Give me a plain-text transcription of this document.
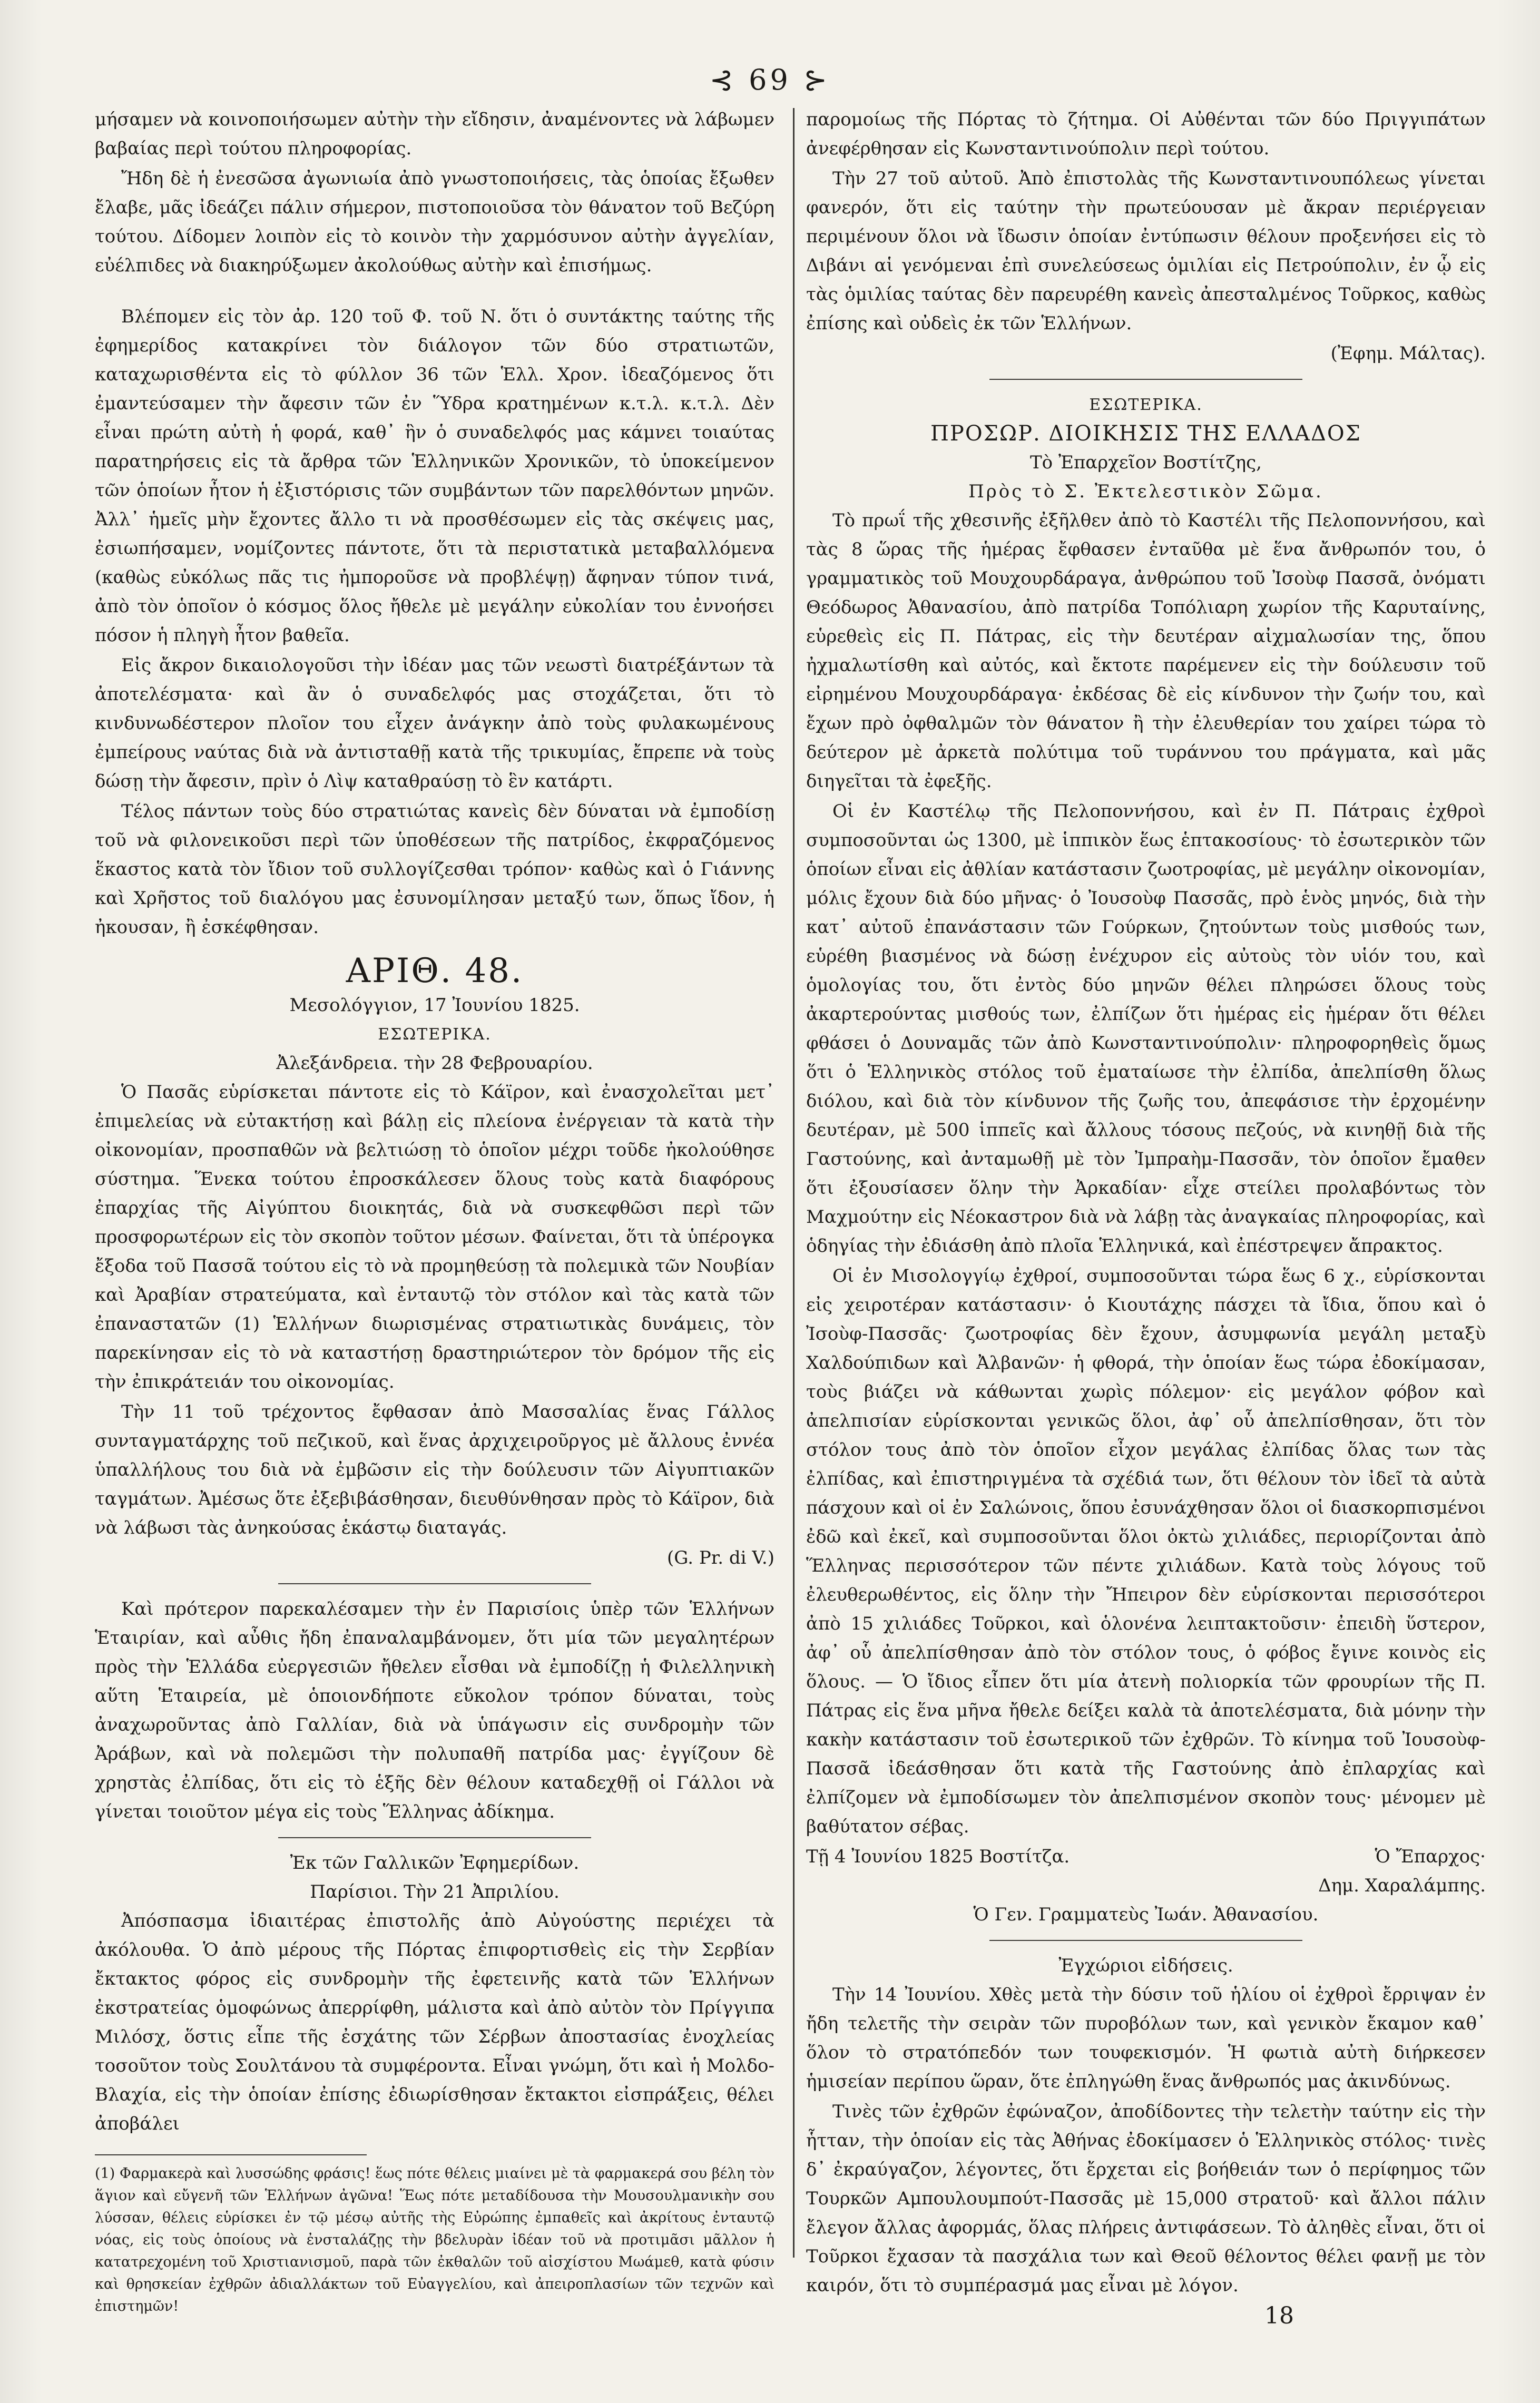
⊰ 69 ⊱

μήσαμεν νὰ κοινοποιήσωμεν αὐτὴν τὴν εἴδησιν, ἀναμένοντες νὰ λάβωμεν βαβαίας περὶ τούτου πληροφορίας.

Ἤδη δὲ ἡ ἐνεσῶσα ἀγωνιωία ἀπὸ γνωστοποιήσεις, τὰς ὁποίας ἔξωθεν ἔλαβε, μᾶς ἰδεάζει πάλιν σήμερον, πιστοποιοῦσα τὸν θάνατον τοῦ Βεζύρη τούτου. Δίδομεν λοιπὸν εἰς τὸ κοινὸν τὴν χαρμόσυνον αὐτὴν ἀγγελίαν, εὐέλπιδες νὰ διακηρύξωμεν ἀκολούθως αὐτὴν καὶ ἐπισήμως.

Βλέπομεν εἰς τὸν ἀρ. 120 τοῦ Φ. τοῦ Ν. ὅτι ὁ συντάκτης ταύτης τῆς ἐφημερίδος κατακρίνει τὸν διάλογον τῶν δύο στρατιωτῶν, καταχωρισθέντα εἰς τὸ φύλλον 36 τῶν Ἑλλ. Χρον. ἰδεαζόμενος ὅτι ἐμαντεύσαμεν τὴν ἄφεσιν τῶν ἐν Ὕδρα κρατημένων κ.τ.λ. κ.τ.λ. Δὲν εἶναι πρώτη αὐτὴ ἡ φορά, καθ᾽ ἣν ὁ συναδελφός μας κάμνει τοιαύτας παρατηρήσεις εἰς τὰ ἄρθρα τῶν Ἑλληνικῶν Χρονικῶν, τὸ ὑποκείμενον τῶν ὁποίων ἦτον ἡ ἐξιστόρισις τῶν συμβάντων τῶν παρελθόντων μηνῶν. Ἀλλ᾽ ἡμεῖς μὴν ἔχοντες ἄλλο τι νὰ προσθέσωμεν εἰς τὰς σκέψεις μας, ἐσιωπήσαμεν, νομίζοντες πάντοτε, ὅτι τὰ περιστατικὰ μεταβαλλόμενα (καθὼς εὐκόλως πᾶς τις ἠμποροῦσε νὰ προβλέψῃ) ἄφηναν τύπον τινά, ἀπὸ τὸν ὁποῖον ὁ κόσμος ὅλος ἤθελε μὲ μεγάλην εὐκολίαν του ἐννοήσει πόσον ἡ πληγὴ ἦτον βαθεῖα.

Εἰς ἄκρον δικαιολογοῦσι τὴν ἰδέαν μας τῶν νεωστὶ διατρέξάντων τὰ ἀποτελέσματα· καὶ ἂν ὁ συναδελφός μας στοχάζεται, ὅτι τὸ κινδυνωδέστερον πλοῖον του εἶχεν ἀνάγκην ἀπὸ τοὺς φυλακωμένους ἐμπείρους ναύτας διὰ νὰ ἀντισταθῇ κατὰ τῆς τρικυμίας, ἔπρεπε νὰ τοὺς δώσῃ τὴν ἄφεσιν, πρὶν ὁ Λὶψ καταθραύσῃ τὸ ἓν κατάρτι.

Τέλος πάντων τοὺς δύο στρατιώτας κανεὶς δὲν δύναται νὰ ἐμποδίσῃ τοῦ νὰ φιλονεικοῦσι περὶ τῶν ὑποθέσεων τῆς πατρίδος, ἐκφραζόμενος ἕκαστος κατὰ τὸν ἴδιον τοῦ συλλογίζεσθαι τρόπον· καθὼς καὶ ὁ Γιάννης καὶ Χρῆστος τοῦ διαλόγου μας ἐσυνομίλησαν μεταξύ των, ὅπως ἴδον, ἡ ἠκουσαν, ἢ ἐσκέφθησαν.

ΑΡΙΘ. 48.
Μεσολόγγιον, 17 Ἰουνίου 1825.
ΕΣΩΤΕΡΙΚΑ.
Ἀλεξάνδρεια. τὴν 28 Φεβρουαρίου.

Ὁ Πασᾶς εὑρίσκεται πάντοτε εἰς τὸ Κάϊρον, καὶ ἐνασχολεῖται μετ᾽ ἐπιμελείας νὰ εὐτακτήσῃ καὶ βάλῃ εἰς πλείονα ἐνέργειαν τὰ κατὰ τὴν οἰκονομίαν, προσπαθῶν νὰ βελτιώσῃ τὸ ὁποῖον μέχρι τοῦδε ἠκολούθησε σύστημα. Ἕνεκα τούτου ἐπροσκάλεσεν ὅλους τοὺς κατὰ διαφόρους ἐπαρχίας τῆς Αἰγύπτου διοικητάς, διὰ νὰ συσκεφθῶσι περὶ τῶν προσφορωτέρων εἰς τὸν σκοπὸν τοῦτον μέσων. Φαίνεται, ὅτι τὰ ὑπέρογκα ἔξοδα τοῦ Πασσᾶ τούτου εἰς τὸ νὰ προμηθεύσῃ τὰ πολεμικὰ τῶν Νουβίαν καὶ Ἀραβίαν στρατεύματα, καὶ ἐνταυτῷ τὸν στόλον καὶ τὰς κατὰ τῶν ἐπαναστατῶν (1) Ἑλλήνων διωρισμένας στρατιωτικὰς δυνάμεις, τὸν παρεκίνησαν εἰς τὸ νὰ καταστήσῃ δραστηριώτερον τὸν δρόμον τῆς εἰς τὴν ἐπικράτειάν του οἰκονομίας.

Τὴν 11 τοῦ τρέχοντος ἔφθασαν ἀπὸ Μασσαλίας ἕνας Γάλλος συνταγματάρχης τοῦ πεζικοῦ, καὶ ἕνας ἀρχιχειροῦργος μὲ ἄλλους ἐννέα ὑπαλλήλους του διὰ νὰ ἐμβῶσιν εἰς τὴν δούλευσιν τῶν Αἰγυπτιακῶν ταγμάτων. Ἀμέσως ὅτε ἐξεβιβάσθησαν, διευθύνθησαν πρὸς τὸ Κάϊρον, διὰ νὰ λάβωσι τὰς ἀνηκούσας ἑκάστῳ διαταγάς.

(G. Pr. di V.)

Καὶ πρότερον παρεκαλέσαμεν τὴν ἐν Παρισίοις ὑπὲρ τῶν Ἑλλήνων Ἑταιρίαν, καὶ αὖθις ἤδη ἐπαναλαμβάνομεν, ὅτι μία τῶν μεγαλητέρων πρὸς τὴν Ἑλλάδα εὐεργεσιῶν ἤθελεν εἶσθαι νὰ ἐμποδίζῃ ἡ Φιλελληνικὴ αὕτη Ἑταιρεία, μὲ ὁποιονδήποτε εὔκολον τρόπον δύναται, τοὺς ἀναχωροῦντας ἀπὸ Γαλλίαν, διὰ νὰ ὑπάγωσιν εἰς συνδρομὴν τῶν Ἀράβων, καὶ νὰ πολεμῶσι τὴν πολυπαθῆ πατρίδα μας· ἐγγίζουν δὲ χρηστὰς ἐλπίδας, ὅτι εἰς τὸ ἑξῆς δὲν θέλουν καταδεχθῇ οἱ Γάλλοι νὰ γίνεται τοιοῦτον μέγα εἰς τοὺς Ἕλληνας ἀδίκημα.

Ἐκ τῶν Γαλλικῶν Ἐφημερίδων.
Παρίσιοι. Τὴν 21 Ἀπριλίου.

Ἀπόσπασμα ἰδιαιτέρας ἐπιστολῆς ἀπὸ Αὐγούστης περιέχει τὰ ἀκόλουθα. Ὁ ἀπὸ μέρους τῆς Πόρτας ἐπιφορτισθεὶς εἰς τὴν Σερβίαν ἔκτακτος φόρος εἰς συνδρομὴν τῆς ἐφετεινῆς κατὰ τῶν Ἑλλήνων ἐκστρατείας ὁμοφώνως ἀπερρίφθη, μάλιστα καὶ ἀπὸ αὐτὸν τὸν Πρίγγιπα Μιλόσχ, ὅστις εἶπε τῆς ἐσχάτης τῶν Σέρβων ἀποστασίας ἐνοχλείας τοσοῦτον τοὺς Σουλτάνου τὰ συμφέροντα. Εἶναι γνώμη, ὅτι καὶ ἡ Μολδο-Βλαχία, εἰς τὴν ὁποίαν ἐπίσης ἐδιωρίσθησαν ἔκτακτοι εἰσπράξεις, θέλει ἀποβάλει

(1) Φαρμακερὰ καὶ λυσσώδης φράσις! ἕως πότε θέλεις μιαίνει μὲ τὰ φαρμακερά σου βέλη τὸν ἅγιον καὶ εὔγενῆ τῶν Ἑλλήνων ἀγῶνα! Ἕως πότε μεταδίδουσα τὴν Μουσουλμανικὴν σου λύσσαν, θέλεις εὑρίσκει ἐν τῷ μέσῳ αὐτῆς τὴς Εὐρώπης ἐμπαθεῖς καὶ ἀκρίτους ἐνταυτῷ νόας, εἰς τοὺς ὁποίους νὰ ἐνσταλάζῃς τὴν βδελυρὰν ἰδέαν τοῦ νὰ προτιμᾶσι μᾶλλον ἡ κατατρεχομένη τοῦ Χριστιανισμοῦ, παρὰ τῶν ἐκθαλῶν τοῦ αἰσχίστου Μωάμεθ, κατὰ φύσιν καὶ θρησκείαν ἐχθρῶν ἀδιαλλάκτων τοῦ Εὐαγγελίου, καὶ ἀπειροπλασίων τῶν τεχνῶν καὶ ἐπιστημῶν!

παρομοίως τῆς Πόρτας τὸ ζήτημα. Οἱ Αὐθένται τῶν δύο Πριγγιπάτων ἀνεφέρθησαν εἰς Κωνσταντινούπολιν περὶ τούτου.

Τὴν 27 τοῦ αὐτοῦ. Ἀπὸ ἐπιστολὰς τῆς Κωνσταντινουπόλεως γίνεται φανερόν, ὅτι εἰς ταύτην τὴν πρωτεύουσαν μὲ ἄκραν περιέργειαν περιμένουν ὅλοι νὰ ἴδωσιν ὁποίαν ἐντύπωσιν θέλουν προξενήσει εἰς τὸ Διβάνι αἱ γενόμεναι ἐπὶ συνελεύσεως ὁμιλίαι εἰς Πετρούπολιν, ἐν ᾧ εἰς τὰς ὁμιλίας ταύτας δὲν παρευρέθη κανεὶς ἀπεσταλμένος Τοῦρκος, καθὼς ἐπίσης καὶ οὐδεὶς ἐκ τῶν Ἑλλήνων.

(Ἐφημ. Μάλτας).
ΕΣΩΤΕΡΙΚΑ.
ΠΡΟΣΩΡ. ΔΙΟΙΚΗΣΙΣ ΤΗΣ ΕΛΛΑΔΟΣ
Τὸ Ἐπαρχεῖον Βοστίτζης,
Πρὸς τὸ Σ. Ἐκτελεστικὸν Σῶμα.

Τὸ πρωΐ τῆς χθεσινῆς ἐξῆλθεν ἀπὸ τὸ Καστέλι τῆς Πελοποννήσου, καὶ τὰς 8 ὥρας τῆς ἡμέρας ἔφθασεν ἐνταῦθα μὲ ἕνα ἄνθρωπόν του, ὁ γραμματικὸς τοῦ Μουχουρδάραγα, ἀνθρώπου τοῦ Ἰσοὺφ Πασσᾶ, ὀνόματι Θεόδωρος Ἀθανασίου, ἀπὸ πατρίδα Τοπόλιαρη χωρίον τῆς Καρυταίνης, εὑρεθεὶς εἰς Π. Πάτρας, εἰς τὴν δευτέραν αἰχμαλωσίαν της, ὅπου ἠχμαλωτίσθη καὶ αὐτός, καὶ ἔκτοτε παρέμενεν εἰς τὴν δούλευσιν τοῦ εἰρημένου Μουχουρδάραγα· ἐκδέσας δὲ εἰς κίνδυνον τὴν ζωήν του, καὶ ἔχων πρὸ ὀφθαλμῶν τὸν θάνατον ἢ τὴν ἐλευθερίαν του χαίρει τώρα τὸ δεύτερον μὲ ἀρκετὰ πολύτιμα τοῦ τυράννου του πράγματα, καὶ μᾶς διηγεῖται τὰ ἐφεξῆς.

Οἱ ἐν Καστέλῳ τῆς Πελοποννήσου, καὶ ἐν Π. Πάτραις ἐχθροὶ συμποσοῦνται ὡς 1300, μὲ ἱππικὸν ἕως ἑπτακοσίους· τὸ ἐσωτερικὸν τῶν ὁποίων εἶναι εἰς ἀθλίαν κατάστασιν ζωοτροφίας, μὲ μεγάλην οἰκονομίαν, μόλις ἔχουν διὰ δύο μῆνας· ὁ Ἰουσοὺφ Πασσᾶς, πρὸ ἑνὸς μηνός, διὰ τὴν κατ᾽ αὐτοῦ ἐπανάστασιν τῶν Γούρκων, ζητούντων τοὺς μισθούς των, εὑρέθη βιασμένος νὰ δώσῃ ἐνέχυρον εἰς αὐτοὺς τὸν υἱόν του, καὶ ὁμολογίας του, ὅτι ἐντὸς δύο μηνῶν θέλει πληρώσει ὅλους τοὺς ἀκαρτερούντας μισθούς των, ἐλπίζων ὅτι ἡμέρας εἰς ἡμέραν ὅτι θέλει φθάσει ὁ Δουναμᾶς τῶν ἀπὸ Κωνσταντινούπολιν· πληροφορηθεὶς ὅμως ὅτι ὁ Ἑλληνικὸς στόλος τοῦ ἐματαίωσε τὴν ἐλπίδα, ἀπελπίσθη ὅλως διόλου, καὶ διὰ τὸν κίνδυνον τῆς ζωῆς του, ἀπεφάσισε τὴν ἐρχομένην δευτέραν, μὲ 500 ἱππεῖς καὶ ἄλλους τόσους πεζούς, νὰ κινηθῇ διὰ τῆς Γαστούνης, καὶ ἀνταμωθῇ μὲ τὸν Ἰμπραὴμ-Πασσᾶν, τὸν ὁποῖον ἔμαθεν ὅτι ἐξουσίασεν ὅλην τὴν Ἀρκαδίαν· εἶχε στείλει προλαβόντως τὸν Μαχμούτην εἰς Νέοκαστρον διὰ νὰ λάβῃ τὰς ἀναγκαίας πληροφορίας, καὶ ὁδηγίας τὴν ἐδιάσθη ἀπὸ πλοῖα Ἑλληνικά, καὶ ἐπέστρεψεν ἄπρακτος.

Οἱ ἐν Μισολογγίῳ ἐχθροί, συμποσοῦνται τώρα ἕως 6 χ., εὑρίσκονται εἰς χειροτέραν κατάστασιν· ὁ Κιουτάχης πάσχει τὰ ἴδια, ὅπου καὶ ὁ Ἰσοὺφ-Πασσᾶς· ζωοτροφίας δὲν ἔχουν, ἀσυμφωνία μεγάλη μεταξὺ Χαλδούπιδων καὶ Ἀλβανῶν· ἡ φθορά, τὴν ὁποίαν ἕως τώρα ἐδοκίμασαν, τοὺς βιάζει νὰ κάθωνται χωρὶς πόλεμον· εἰς μεγάλον φόβον καὶ ἀπελπισίαν εὑρίσκονται γενικῶς ὅλοι, ἀφ᾽ οὗ ἀπελπίσθησαν, ὅτι τὸν στόλον τους ἀπὸ τὸν ὁποῖον εἶχον μεγάλας ἐλπίδας ὅλας των τὰς ἐλπίδας, καὶ ἐπιστηριγμένα τὰ σχέδιά των, ὅτι θέλουν τὸν ἰδεῖ τὰ αὐτὰ πάσχουν καὶ οἱ ἐν Σαλώνοις, ὅπου ἐσυνάχθησαν ὅλοι οἱ διασκορπισμένοι ἐδῶ καὶ ἐκεῖ, καὶ συμποσοῦνται ὅλοι ὀκτὼ χιλιάδες, περιορίζονται ἀπὸ Ἕλληνας περισσότερον τῶν πέντε χιλιάδων. Κατὰ τοὺς λόγους τοῦ ἐλευθερωθέντος, εἰς ὅλην τὴν Ἤπειρον δὲν εὑρίσκονται περισσότεροι ἀπὸ 15 χιλιάδες Τοῦρκοι, καὶ ὁλονένα λειπτακτοῦσιν· ἐπειδὴ ὕστερον, ἀφ᾽ οὗ ἀπελπίσθησαν ἀπὸ τὸν στόλον τους, ὁ φόβος ἔγινε κοινὸς εἰς ὅλους. — Ὁ ἴδιος εἶπεν ὅτι μία ἀτενὴ πολιορκία τῶν φρουρίων τῆς Π. Πάτρας εἰς ἕνα μῆνα ἤθελε δείξει καλὰ τὰ ἀποτελέσματα, διὰ μόνην τὴν κακὴν κατάστασιν τοῦ ἐσωτερικοῦ τῶν ἐχθρῶν. Τὸ κίνημα τοῦ Ἰουσοὺφ-Πασσᾶ ἰδεάσθησαν ὅτι κατὰ τῆς Γαστούνης ἀπὸ ἐπλαρχίας καὶ ἐλπίζομεν νὰ ἐμποδίσωμεν τὸν ἀπελπισμένον σκοπὸν τους· μένομεν μὲ βαθύτατον σέβας.

Τῇ 4 Ἰουνίου 1825 Βοστίτζα.	Ὁ Ἔπαρχος·
Δημ. Χαραλάμπης.
Ὁ Γεν. Γραμματεὺς Ἰωάν. Ἀθανασίου.
Ἐγχώριοι εἰδήσεις.

Τὴν 14 Ἰουνίου. Χθὲς μετὰ τὴν δύσιν τοῦ ἡλίου οἱ ἐχθροὶ ἔρριψαν ἐν ἤδη τελετῆς τὴν σειρὰν τῶν πυροβόλων των, καὶ γενικὸν ἔκαμον καθ᾽ ὅλον τὸ στρατόπεδόν των τουφεκισμόν. Ἡ φωτιὰ αὐτὴ διήρκεσεν ἡμισείαν περίπου ὥραν, ὅτε ἐπληγώθη ἕνας ἄνθρωπός μας ἀκινδύνως.

Τινὲς τῶν ἐχθρῶν ἐφώναζον, ἀποδίδοντες τὴν τελετὴν ταύτην εἰς τὴν ἧτταν, τὴν ὁποίαν εἰς τὰς Ἀθήνας ἐδοκίμασεν ὁ Ἑλληνικὸς στόλος· τινὲς δ᾽ ἐκραύγαζον, λέγοντες, ὅτι ἔρχεται εἰς βοήθειάν των ὁ περίφημος τῶν Τουρκῶν Αμπουλουμπούτ-Πασσᾶς μὲ 15,000 στρατοῦ· καὶ ἄλλοι πάλιν ἔλεγον ἄλλας ἀφορμάς, ὅλας πλήρεις ἀντιφάσεων. Τὸ ἀληθὲς εἶναι, ὅτι οἱ Τοῦρκοι ἔχασαν τὰ πασχάλια των καὶ Θεοῦ θέλοντος θέλει φανῇ με τὸν καιρόν, ὅτι τὸ συμπέρασμά μας εἶναι μὲ λόγον.

18
